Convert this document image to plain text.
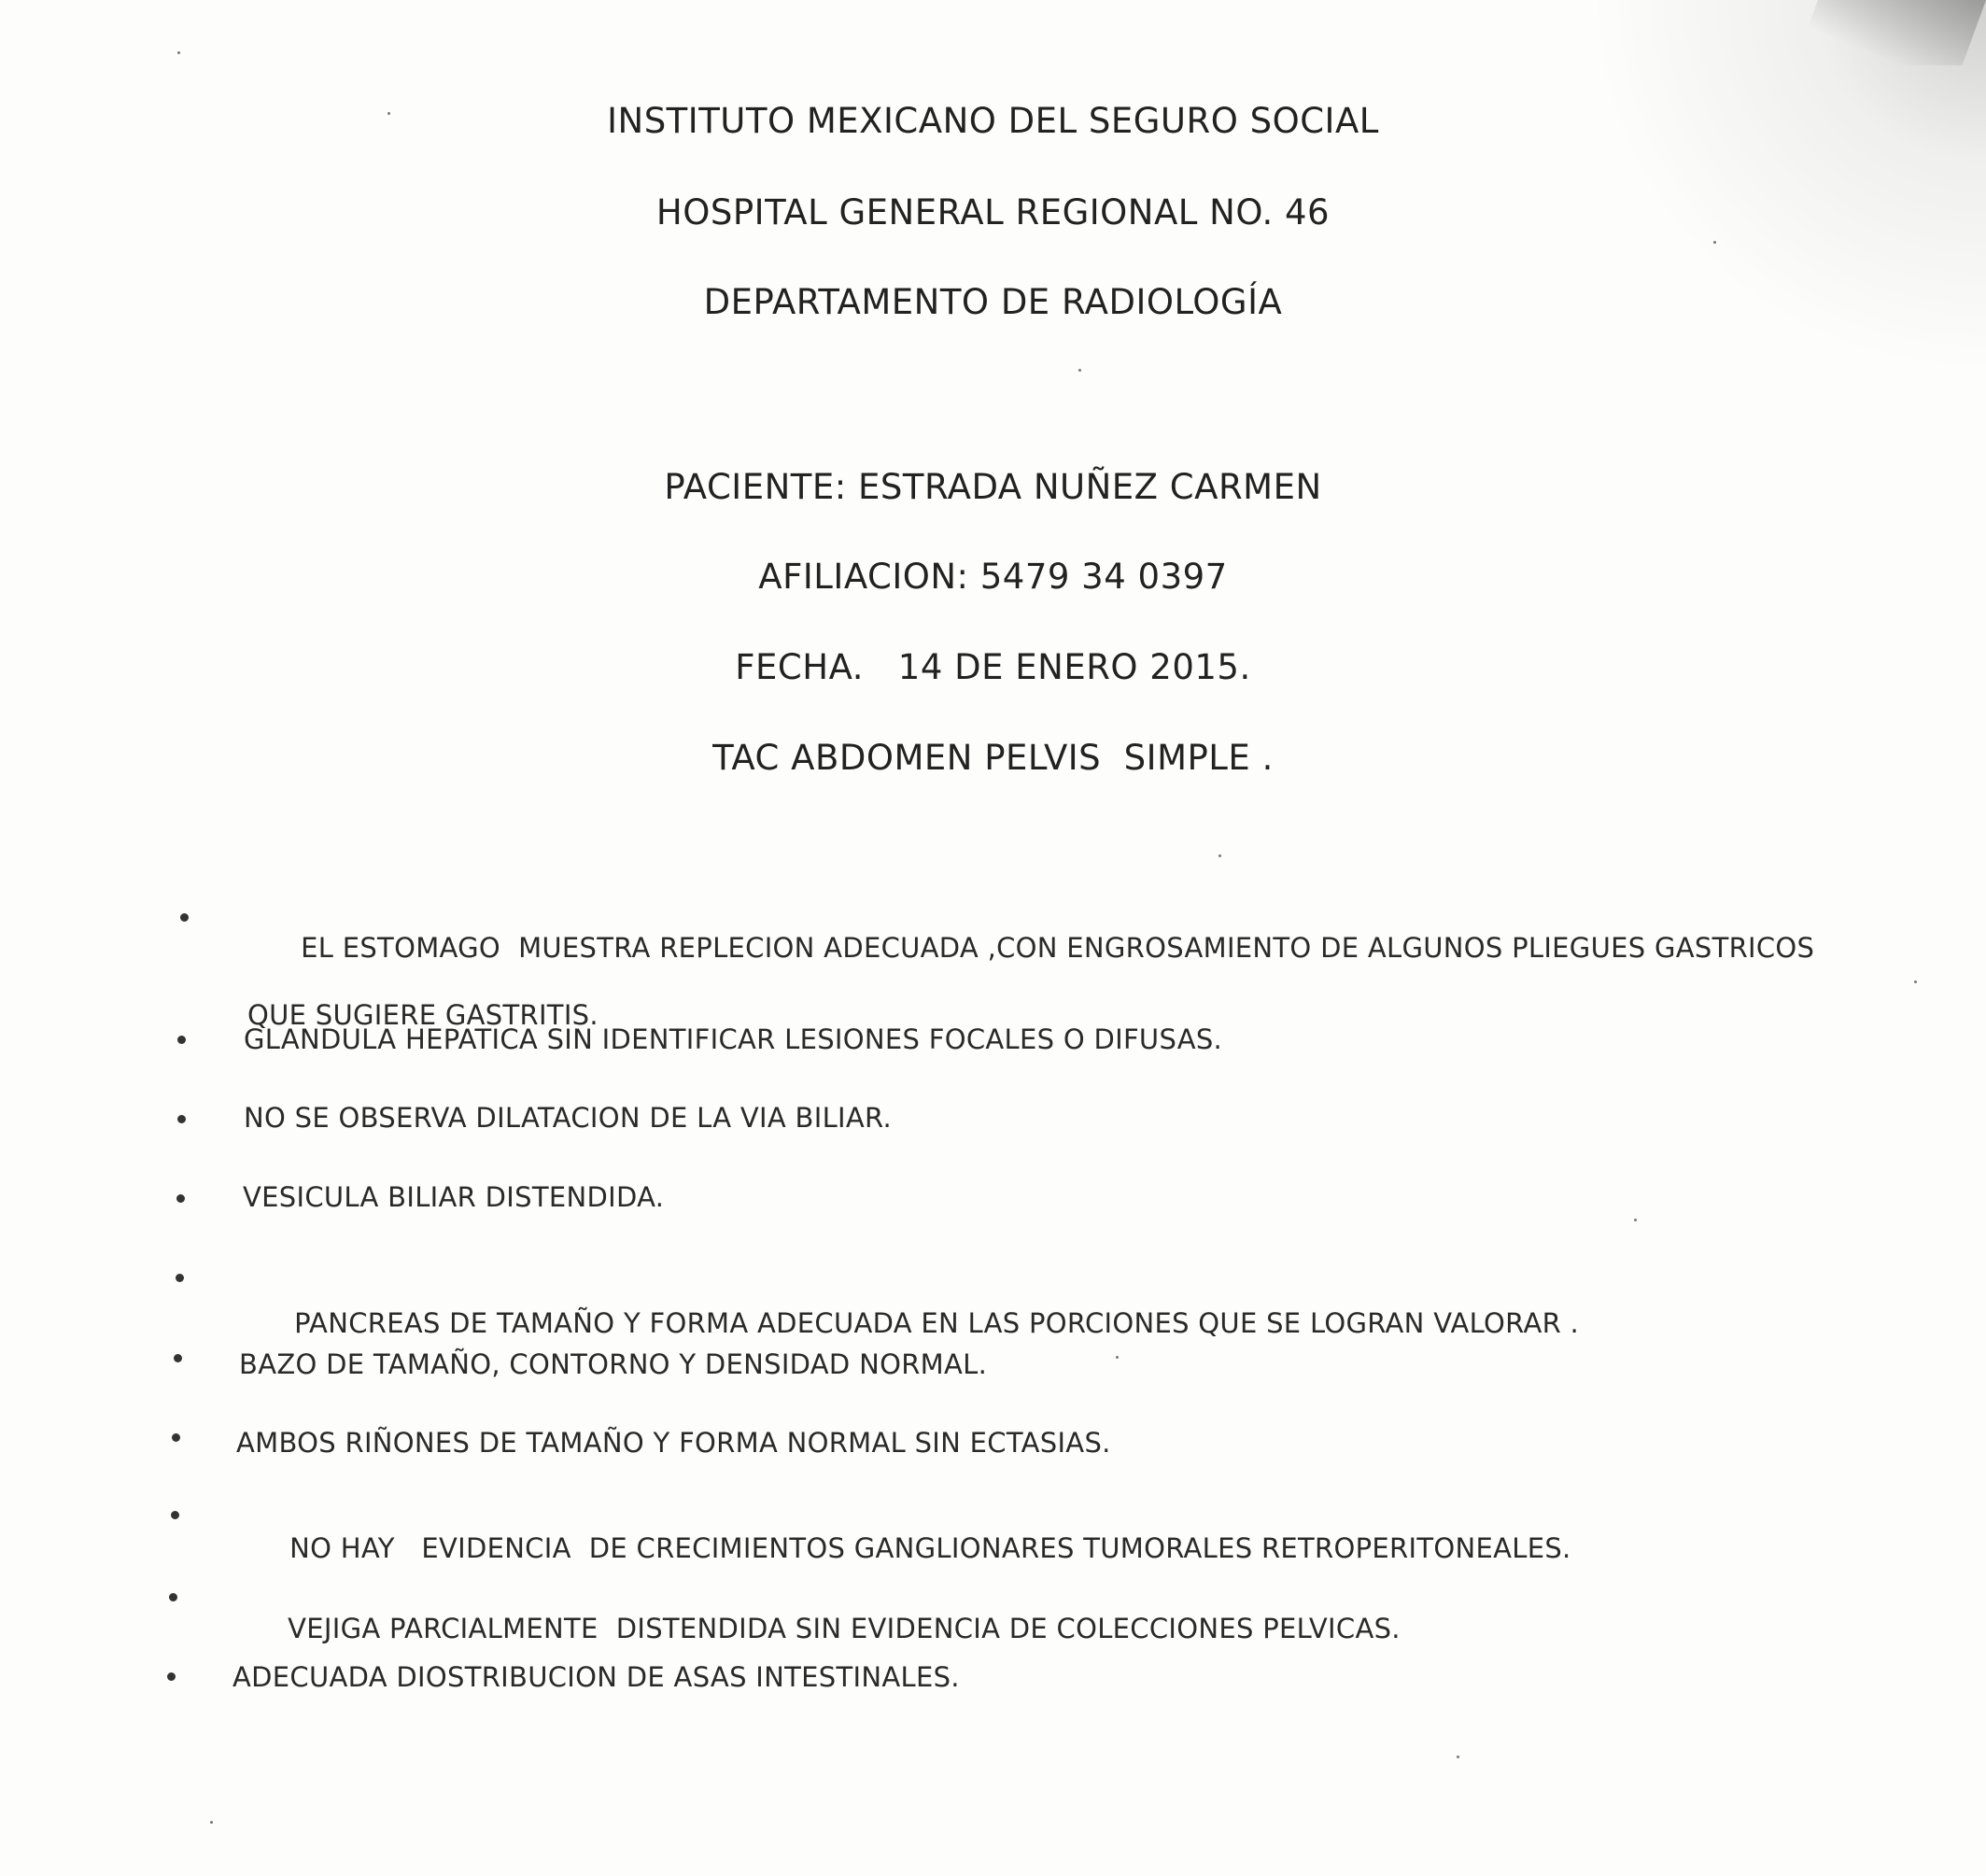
INSTITUTO MEXICANO DEL SEGURO SOCIAL
HOSPITAL GENERAL REGIONAL NO. 46
DEPARTAMENTO DE RADIOLOGÍA
PACIENTE: ESTRADA NUÑEZ CARMEN
AFILIACION: 5479 34 0397
FECHA.   14 DE ENERO 2015.
TAC ABDOMEN PELVIS  SIMPLE .

EL ESTOMAGO  MUESTRA REPLECION ADECUADA ,CON ENGROSAMIENTO DE ALGUNOS PLIEGUES GASTRICOS

QUE SUGIERE GASTRITIS.

GLANDULA HEPATICA SIN IDENTIFICAR LESIONES FOCALES O DIFUSAS.
NO SE OBSERVA DILATACION DE LA VIA BILIAR.
VESICULA BILIAR DISTENDIDA.

PANCREAS DE TAMAÑO Y FORMA ADECUADA EN LAS PORCIONES QUE SE LOGRAN VALORAR .

BAZO DE TAMAÑO, CONTORNO Y DENSIDAD NORMAL.
AMBOS RIÑONES DE TAMAÑO Y FORMA NORMAL SIN ECTASIAS.

NO HAY   EVIDENCIA  DE CRECIMIENTOS GANGLIONARES TUMORALES RETROPERITONEALES.

VEJIGA PARCIALMENTE  DISTENDIDA SIN EVIDENCIA DE COLECCIONES PELVICAS.

ADECUADA DIOSTRIBUCION DE ASAS INTESTINALES.
